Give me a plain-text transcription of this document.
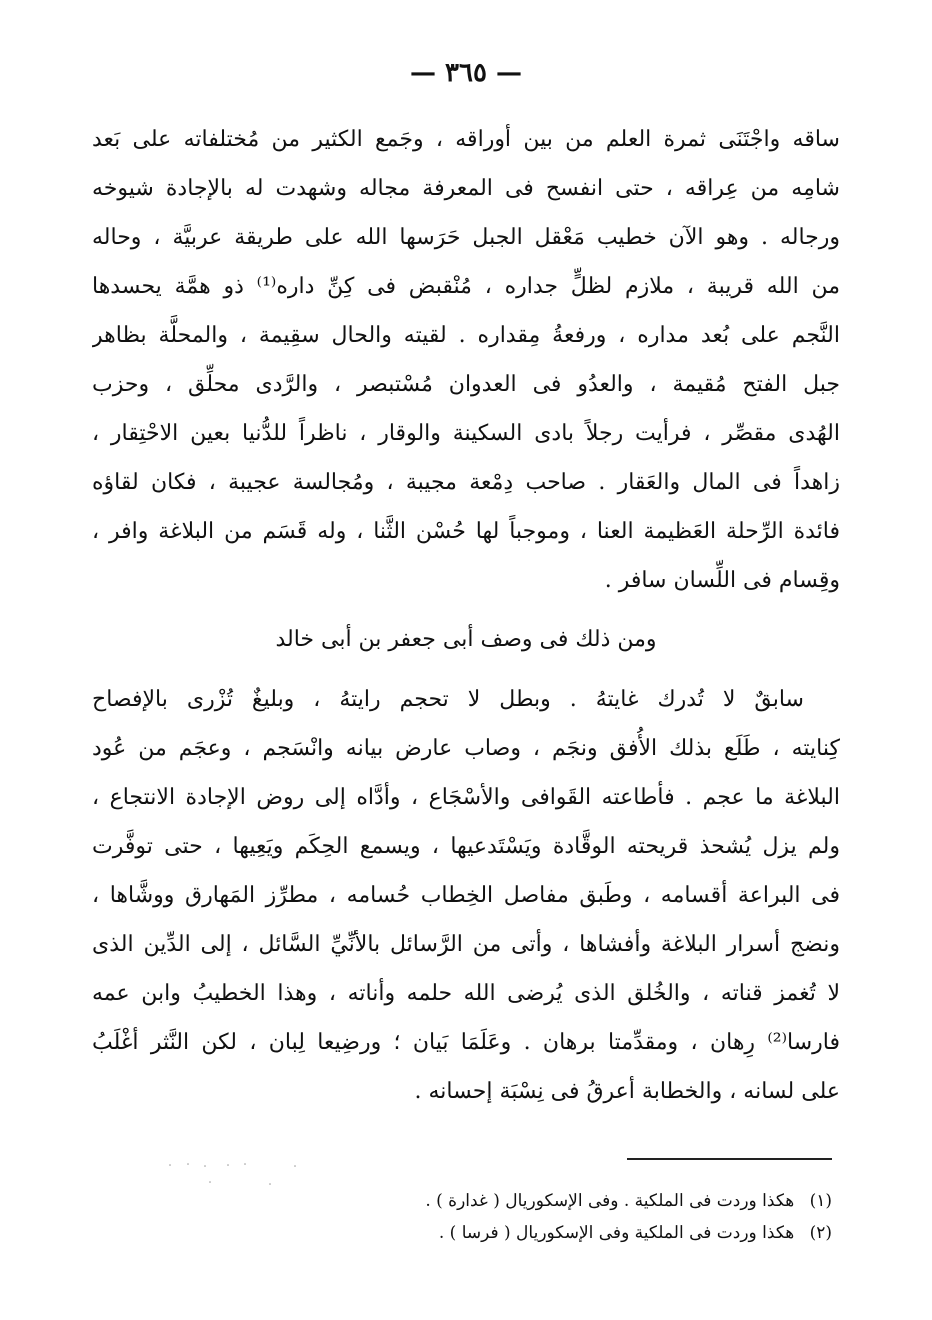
— ٣٦٥ —
ساقه واجْتَنَى ثمرة العلم من بين أوراقه ، وجَمع الكثير من مُختلفاته على بَعد
شامِه من عِراقه ، حتى انفسح فى المعرفة مجاله وشهدت له بالإجادة شيوخه
ورجاله . وهو الآن خطيب مَعْقل الجبل حَرَسها الله على طريقة عربيَّة ، وحاله
من الله قريبة ، ملازم لظلٍّ جداره ، مُنْقبض فى كِنِّ داره⁽¹⁾ ذو همَّة يحسدها
النَّجم على بُعد مداره ، ورفعةُ مِقداره . لقيته والحال سقِيمة ، والمحلَّة بظاهر
جبل الفتح مُقيمة ، والعدُو فى العدوان مُسْتبصر ، والرَّدى محلِّق ، وحزب
الهُدى مقصِّر ، فرأيت رجلاً بادى السكينة والوقار ، ناظراً للدُّنيا بعين الاحْتِقار ،
زاهداً فى المال والعَقار . صاحب دِمْعة مجيبة ، ومُجالسة عجيبة ، فكان لقاؤه
فائدة الرِّحلة العَظيمة العنا ، وموجباً لها حُسْن الثَّنا ، وله قَسَم من البلاغة وافر ،
وقِسام فى اللِّسان سافر .
ومن ذلك فى وصف أبى جعفر بن أبى خالد
سابقٌ لا تُدرك غايتهُ . وبطل لا تحجم رايتهُ ، وبليغٌ تُزْرى بالإفصاح
كِنايته ، طَلَع بذلك الأُفق ونجَم ، وصاب عارض بيانه وانْسَجم ، وعجَم من عُود
البلاغة ما عجم . فأطاعته القَوافى والأسْجَاع ، وأدَّاه إلى روض الإجادة الانتجاع ،
ولم يزل يُشحذ قريحته الوقَّادة ويَسْتَدعيها ، ويسمع الحِكَم ويَعِيها ، حتى توفَّرت
فى البراعة أقسامه ، وطَبق مفاصل الخِطاب حُسامه ، مطرِّز المَهارق ووشَّاها ،
ونضج أسرار البلاغة وأفشاها ، وأتى من الرَّسائل بالأنِّيِّ السَّائل ، إلى الدِّين الذى
لا تُغمز قناته ، والخُلق الذى يُرضى الله حلمه وأناته ، وهذا الخطيبُ وابن عمه
فارسا⁽²⁾ رِهان ، ومقدِّمتا برهان . وعَلَمَا بَيان ؛ ورضِيعا لِبان ، لكن النَّثر أغْلَبُ
على لسانه ، والخطابة أعرقُ فى نِسْبَة إحسانه .
(١) هكذا وردت فى الملكية . وفى الإسكوريال ( غدارة ) .
(٢) هكذا وردت فى الملكية وفى الإسكوريال ( فرسا ) .
